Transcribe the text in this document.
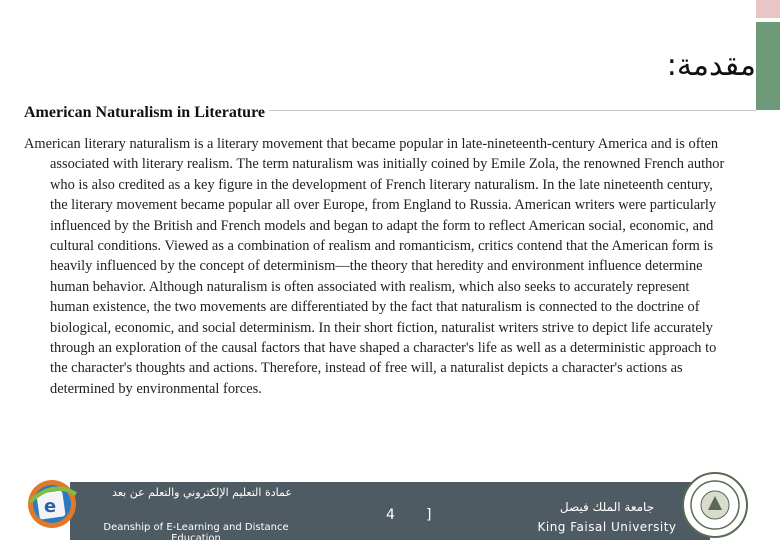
مقدمة:
American Naturalism in Literature
American literary naturalism is a literary movement that became popular in late-nineteenth-century America and is often associated with literary realism. The term naturalism was initially coined by Emile Zola, the renowned French author who is also credited as a key figure in the development of French literary naturalism. In the late nineteenth century, the literary movement became popular all over Europe, from England to Russia. American writers were particularly influenced by the British and French models and began to adapt the form to reflect American social, economic, and cultural conditions. Viewed as a combination of realism and romanticism, critics contend that the American form is heavily influenced by the concept of determinism—the theory that heredity and environment influence determine human behavior. Although naturalism is often associated with realism, which also seeks to accurately represent human existence, the two movements are differentiated by the fact that naturalism is connected to the doctrine of biological, economic, and social determinism. In their short fiction, naturalist writers strive to depict life accurately through an exploration of the causal factors that have shaped a character's life as well as a deterministic approach to the character's thoughts and actions. Therefore, instead of free will, a naturalist depicts a character's actions as determined by environmental forces.
e
عمادة التعليم الإلكتروني والتعلم عن بعد
Deanship of E-Learning and Distance Education
4 ]	جامعة الملك فيصل
King Faisal University
